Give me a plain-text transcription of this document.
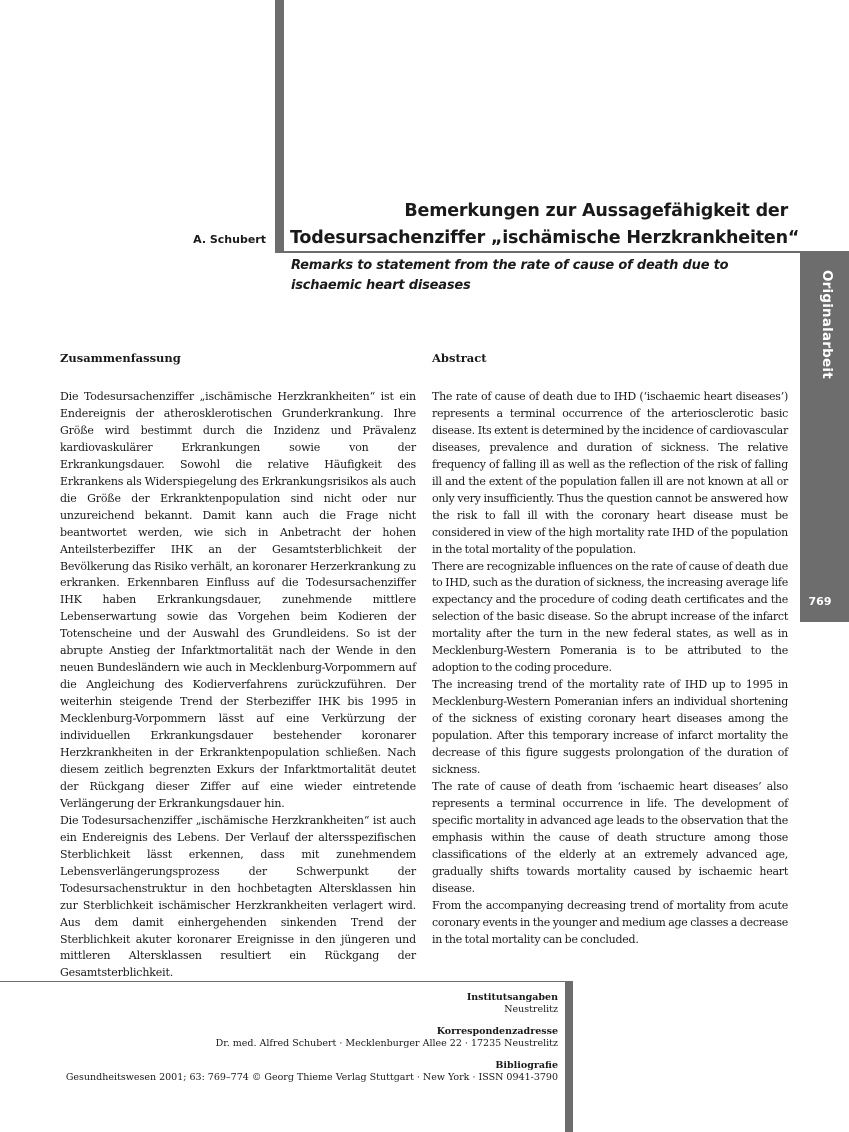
Originalarbeit
769
A. Schubert
Bemerkungen zur Aussagefähigkeit der
Todesursachenziffer „ischämische Herzkrankheiten“
Remarks to statement from the rate of cause of death due to
ischaemic heart diseases
Zusammenfassung

Die Todesursachenziffer „ischämische Herzkrankheiten“ ist ein Endereignis der atherosklerotischen Grunderkrankung. Ihre Größe wird bestimmt durch die Inzidenz und Prävalenz kardiovaskulärer Erkrankungen sowie von der Erkrankungsdauer. Sowohl die relative Häufigkeit des Erkrankens als Widerspiegelung des Erkrankungsrisikos als auch die Größe der Erkranktenpopulation sind nicht oder nur unzureichend bekannt. Damit kann auch die Frage nicht beantwortet werden, wie sich in Anbetracht der hohen Anteilsterbeziffer IHK an der Gesamtsterblichkeit der Bevölkerung das Risiko verhält, an koronarer Herzerkrankung zu erkranken. Erkennbaren Einfluss auf die Todesursachenziffer IHK haben Erkrankungsdauer, zunehmende mittlere Lebenserwartung sowie das Vorgehen beim Kodieren der Totenscheine und der Auswahl des Grundleidens. So ist der abrupte Anstieg der Infarktmortalität nach der Wende in den neuen Bundesländern wie auch in Mecklenburg-Vorpommern auf die Angleichung des Kodierverfahrens zurückzuführen. Der weiterhin steigende Trend der Sterbeziffer IHK bis 1995 in Mecklenburg-Vorpommern lässt auf eine Verkürzung der individuellen Erkrankungsdauer bestehender koronarer Herzkrankheiten in der Erkranktenpopulation schließen. Nach diesem zeitlich begrenzten Exkurs der Infarktmortalität deutet der Rückgang dieser Ziffer auf eine wieder eintretende Verlängerung der Erkrankungsdauer hin.

Die Todesursachenziffer „ischämische Herzkrankheiten“ ist auch ein Endereignis des Lebens. Der Verlauf der altersspezifischen Sterblichkeit lässt erkennen, dass mit zunehmendem Lebensverlängerungsprozess der Schwerpunkt der Todesursachenstruktur in den hochbetagten Altersklassen hin zur Sterblichkeit ischämischer Herzkrankheiten verlagert wird. Aus dem damit einhergehenden sinkenden Trend der Sterblichkeit akuter koronarer Ereignisse in den jüngeren und mittleren Altersklassen resultiert ein Rückgang der Gesamtsterblichkeit.

Abstract

The rate of cause of death due to IHD (‘ischaemic heart diseases’) represents a terminal occurrence of the arteriosclerotic basic disease. Its extent is determined by the incidence of cardiovascular diseases, prevalence and duration of sickness. The relative frequency of falling ill as well as the reflection of the risk of falling ill and the extent of the population fallen ill are not known at all or only very insufficiently. Thus the question cannot be answered how the risk to fall ill with the coronary heart disease must be considered in view of the high mortality rate IHD of the population in the total mortality of the population.

There are recognizable influences on the rate of cause of death due to IHD, such as the duration of sickness, the increasing average life expectancy and the procedure of coding death certificates and the selection of the basic disease. So the abrupt increase of the infarct mortality after the turn in the new federal states, as well as in Mecklenburg-Western Pomerania is to be attributed to the adoption to the coding procedure.

The increasing trend of the mortality rate of IHD up to 1995 in Mecklenburg-Western Pomeranian infers an individual shortening of the sickness of existing coronary heart diseases among the population. After this temporary increase of infarct mortality the decrease of this figure suggests prolongation of the duration of sickness.

The rate of cause of death from ‘ischaemic heart diseases’ also represents a terminal occurrence in life. The development of specific mortality in advanced age leads to the observation that the emphasis within the cause of death structure among those classifications of the elderly at an extremely advanced age, gradually shifts towards mortality caused by ischaemic heart disease.

From the accompanying decreasing trend of mortality from acute coronary events in the younger and medium age classes a decrease in the total mortality can be concluded.

Institutsangaben
Neustrelitz
Korrespondenzadresse
Dr. med. Alfred Schubert · Mecklenburger Allee 22 · 17235 Neustrelitz
Bibliografie
Gesundheitswesen 2001; 63: 769–774 © Georg Thieme Verlag Stuttgart · New York · ISSN 0941-3790
